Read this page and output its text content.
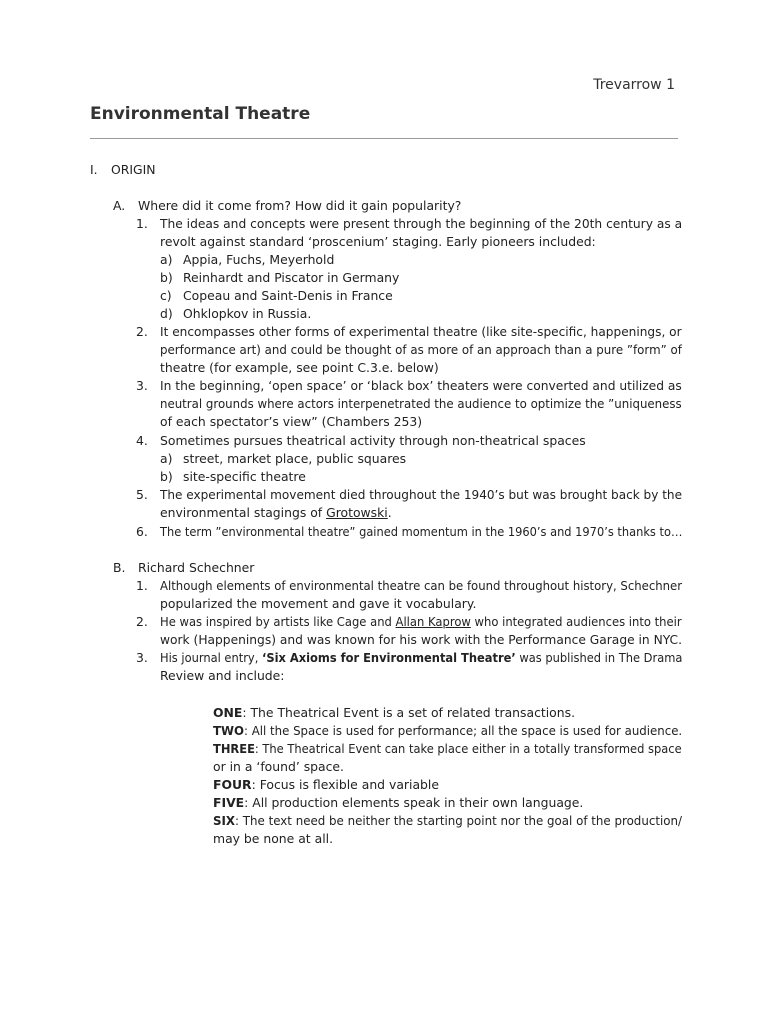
Trevarrow 1
Environmental Theatre
I. ORIGIN
A. Where did it come from? How did it gain popularity?
1. The ideas and concepts were present through the beginning of the 20th century as a
revolt against standard ‘proscenium’ staging. Early pioneers included:
a) Appia, Fuchs, Meyerhold
b) Reinhardt and Piscator in Germany
c) Copeau and Saint-Denis in France
d) Ohklopkov in Russia.
2. It encompasses other forms of experimental theatre (like site-specific, happenings, or
performance art) and could be thought of as more of an approach than a pure ”form” of
theatre (for example, see point C.3.e. below)
3. In the beginning, ‘open space’ or ‘black box’ theaters were converted and utilized as
neutral grounds where actors interpenetrated the audience to optimize the ”uniqueness
of each spectator’s view” (Chambers 253)
4. Sometimes pursues theatrical activity through non-theatrical spaces
a) street, market place, public squares
b) site-specific theatre
5. The experimental movement died throughout the 1940’s but was brought back by the
environmental stagings of Grotowski.
6. The term ”environmental theatre” gained momentum in the 1960’s and 1970’s thanks to…
B. Richard Schechner
1. Although elements of environmental theatre can be found throughout history, Schechner
popularized the movement and gave it vocabulary.
2. He was inspired by artists like Cage and Allan Kaprow who integrated audiences into their
work (Happenings) and was known for his work with the Performance Garage in NYC.
3. His journal entry, ‘Six Axioms for Environmental Theatre’ was published in The Drama
Review and include:
ONE: The Theatrical Event is a set of related transactions.
TWO: All the Space is used for performance; all the space is used for audience.
THREE: The Theatrical Event can take place either in a totally transformed space
or in a ‘found’ space.
FOUR: Focus is flexible and variable
FIVE: All production elements speak in their own language.
SIX: The text need be neither the starting point nor the goal of the production/
may be none at all.
